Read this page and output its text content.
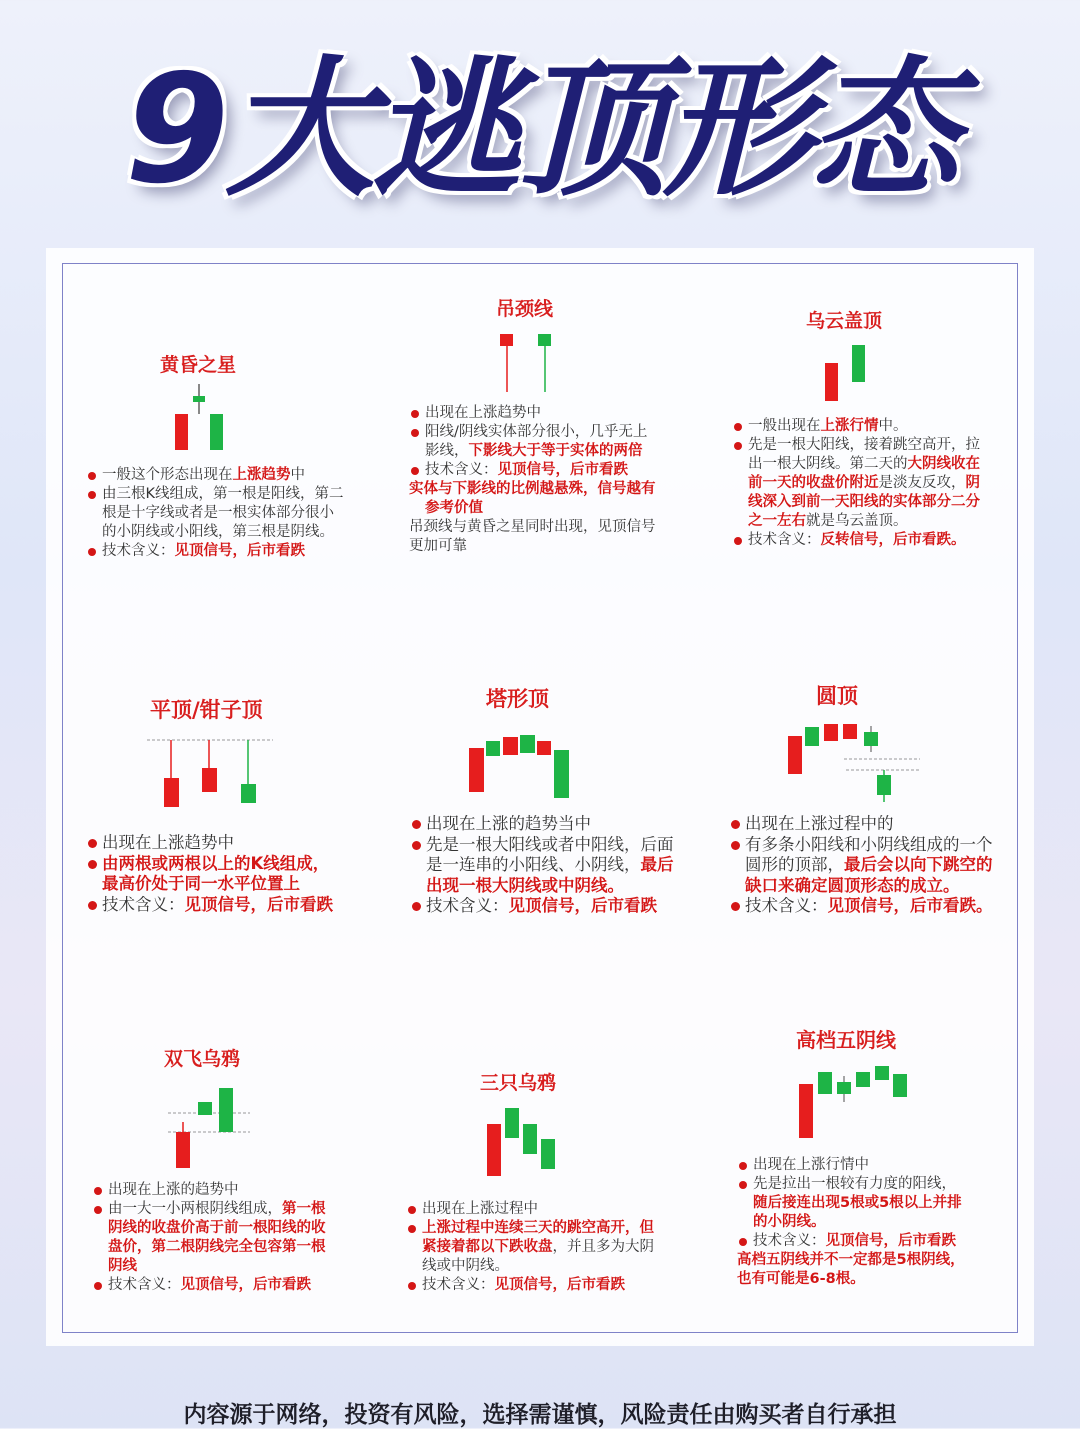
9大逃顶形态
黄昏之星
一般这个形态出现在上涨趋势中
由三根K线组成，第一根是阳线，第二
根是十字线或者是一根实体部分很小
的小阴线或小阳线，第三根是阴线。
技术含义：见顶信号，后市看跌
吊颈线
出现在上涨趋势中
阳线/阴线实体部分很小，几乎无上
影线，下影线大于等于实体的两倍
技术含义：见顶信号，后市看跌
实体与下影线的比例越悬殊，信号越有
参考价值
吊颈线与黄昏之星同时出现，见顶信号
更加可靠
乌云盖顶
一般出现在上涨行情中。
先是一根大阳线，接着跳空高开，拉
出一根大阴线。第二天的大阴线收在
前一天的收盘价附近是淡友反攻，阴
线深入到前一天阳线的实体部分二分
之一左右就是乌云盖顶。
技术含义：反转信号，后市看跌。
平顶/钳子顶
出现在上涨趋势中
由两根或两根以上的K线组成，
最高价处于同一水平位置上
技术含义：见顶信号，后市看跌
塔形顶
出现在上涨的趋势当中
先是一根大阳线或者中阳线，后面
是一连串的小阳线、小阴线，最后
出现一根大阴线或中阴线。
技术含义：见顶信号，后市看跌
圆顶
出现在上涨过程中的
有多条小阳线和小阴线组成的一个
圆形的顶部，最后会以向下跳空的
缺口来确定圆顶形态的成立。
技术含义：见顶信号，后市看跌。
双飞乌鸦
出现在上涨的趋势中
由一大一小两根阴线组成，第一根
阴线的收盘价高于前一根阳线的收
盘价，第二根阴线完全包容第一根
阴线
技术含义：见顶信号，后市看跌
三只乌鸦
出现在上涨过程中
上涨过程中连续三天的跳空高开，但
紧接着都以下跌收盘，并且多为大阴
线或中阴线。
技术含义：见顶信号，后市看跌
高档五阴线
出现在上涨行情中
先是拉出一根较有力度的阳线，
随后接连出现5根或5根以上并排
的小阴线。
技术含义：见顶信号，后市看跌
高档五阴线并不一定都是5根阴线，
也有可能是6-8根。
内容源于网络，投资有风险，选择需谨慎，风险责任由购买者自行承担
